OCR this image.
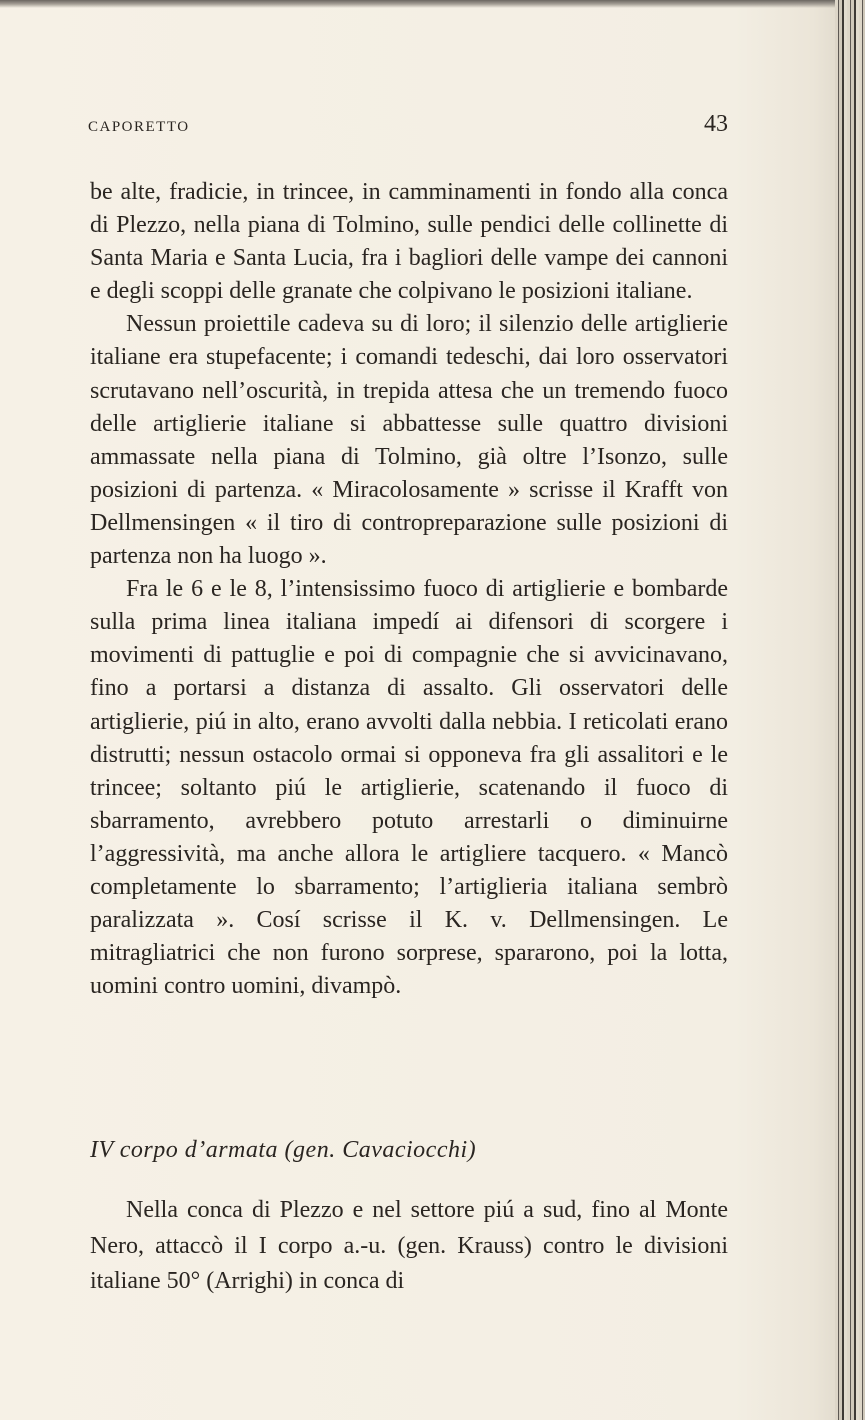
CAPORETTO	43

be alte, fradicie, in trincee, in camminamenti in fondo alla conca di Plezzo, nella piana di Tolmino, sulle pendici delle collinette di Santa Maria e Santa Lucia, fra i bagliori delle vampe dei cannoni e degli scoppi delle granate che colpivano le posizioni italiane.

Nessun proiettile cadeva su di loro; il silenzio delle artiglierie italiane era stupefacente; i comandi tedeschi, dai loro osservatori scrutavano nell’oscurità, in trepida attesa che un tremendo fuoco delle artiglierie italiane si abbattesse sulle quattro divisioni ammassate nella piana di Tolmino, già oltre l’Isonzo, sulle posizioni di partenza. « Miracolosamente » scrisse il Krafft von Dellmensingen « il tiro di contropreparazione sulle posizioni di partenza non ha luogo ».

Fra le 6 e le 8, l’intensissimo fuoco di artiglierie e bombarde sulla prima linea italiana impedí ai difensori di scorgere i movimenti di pattuglie e poi di compagnie che si avvicinavano, fino a portarsi a distanza di assalto. Gli osservatori delle artiglierie, piú in alto, erano avvolti dalla nebbia. I reticolati erano distrutti; nessun ostacolo ormai si opponeva fra gli assalitori e le trincee; soltanto piú le artiglierie, scatenando il fuoco di sbarramento, avrebbero potuto arrestarli o diminuirne l’aggressività, ma anche allora le artigliere tacquero. « Mancò completamente lo sbarramento; l’artiglieria italiana sembrò paralizzata ». Cosí scrisse il K. v. Dellmensingen. Le mitragliatrici che non furono sorprese, spararono, poi la lotta, uomini contro uomini, divampò.

IV corpo d’armata (gen. Cavaciocchi)

Nella conca di Plezzo e nel settore piú a sud, fino al Monte Nero, attaccò il I corpo a.-u. (gen. Krauss) contro le divisioni italiane 50° (Arrighi) in conca di
